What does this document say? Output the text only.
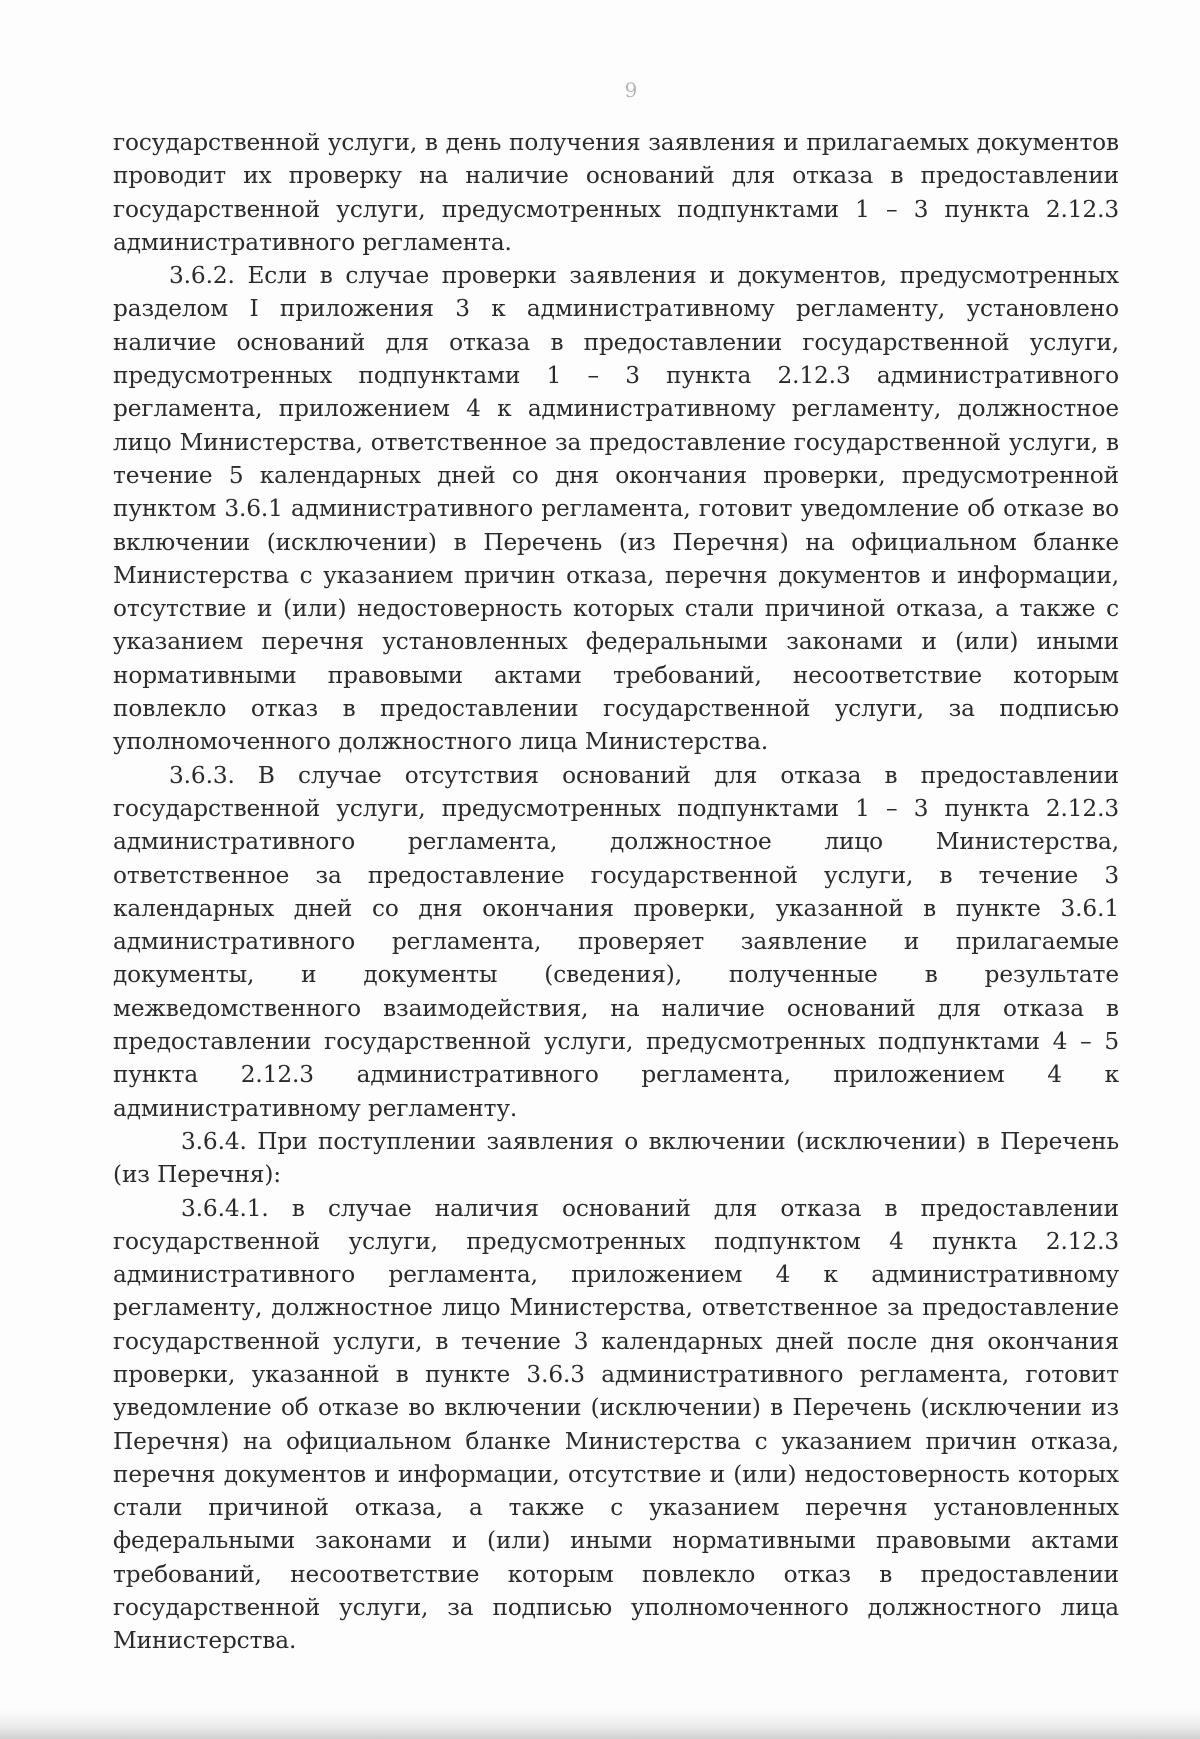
9

государственной услуги, в день получения заявления и прилагаемых документов проводит их проверку на наличие оснований для отказа в предоставлении государственной услуги, предусмотренных подпунктами 1 – 3 пункта 2.12.3 административного регламента.

3.6.2. Если в случае проверки заявления и документов, предусмотренных разделом I приложения 3 к административному регламенту, установлено наличие оснований для отказа в предоставлении государственной услуги, предусмотренных подпунктами 1 – 3 пункта 2.12.3 административного регламента, приложением 4 к административному регламенту, должностное лицо Министерства, ответственное за предоставление государственной услуги, в течение 5 календарных дней со дня окончания проверки, предусмотренной пунктом 3.6.1 административного регламента, готовит уведомление об отказе во включении (исключении) в Перечень (из Перечня) на официальном бланке Министерства с указанием причин отказа, перечня документов и информации, отсутствие и (или) недостоверность которых стали причиной отказа, а также с указанием перечня установленных федеральными законами и (или) иными нормативными правовыми актами требований, несоответствие которым повлекло отказ в предоставлении государственной услуги, за подписью уполномоченного должностного лица Министерства.

3.6.3. В случае отсутствия оснований для отказа в предоставлении государственной услуги, предусмотренных подпунктами 1 – 3 пункта 2.12.3 административного регламента, должностное лицо Министерства, ответственное за предоставление государственной услуги, в течение 3 календарных дней со дня окончания проверки, указанной в пункте 3.6.1 административного регламента, проверяет заявление и прилагаемые документы, и документы (сведения), полученные в результате межведомственного взаимодействия, на наличие оснований для отказа в предоставлении государственной услуги, предусмотренных подпунктами 4 – 5 пункта 2.12.3 административного регламента, приложением 4 к административному регламенту.

3.6.4. При поступлении заявления о включении (исключении) в Перечень (из Перечня):

3.6.4.1. в случае наличия оснований для отказа в предоставлении государственной услуги, предусмотренных подпунктом 4 пункта 2.12.3 административного регламента, приложением 4 к административному регламенту, должностное лицо Министерства, ответственное за предоставление государственной услуги, в течение 3 календарных дней после дня окончания проверки, указанной в пункте 3.6.3 административного регламента, готовит уведомление об отказе во включении (исключении) в Перечень (исключении из Перечня) на официальном бланке Министерства с указанием причин отказа, перечня документов и информации, отсутствие и (или) недостоверность которых стали причиной отказа, а также с указанием перечня установленных федеральными законами и (или) иными нормативными правовыми актами требований, несоответствие которым повлекло отказ в предоставлении государственной услуги, за подписью уполномоченного должностного лица Министерства.
